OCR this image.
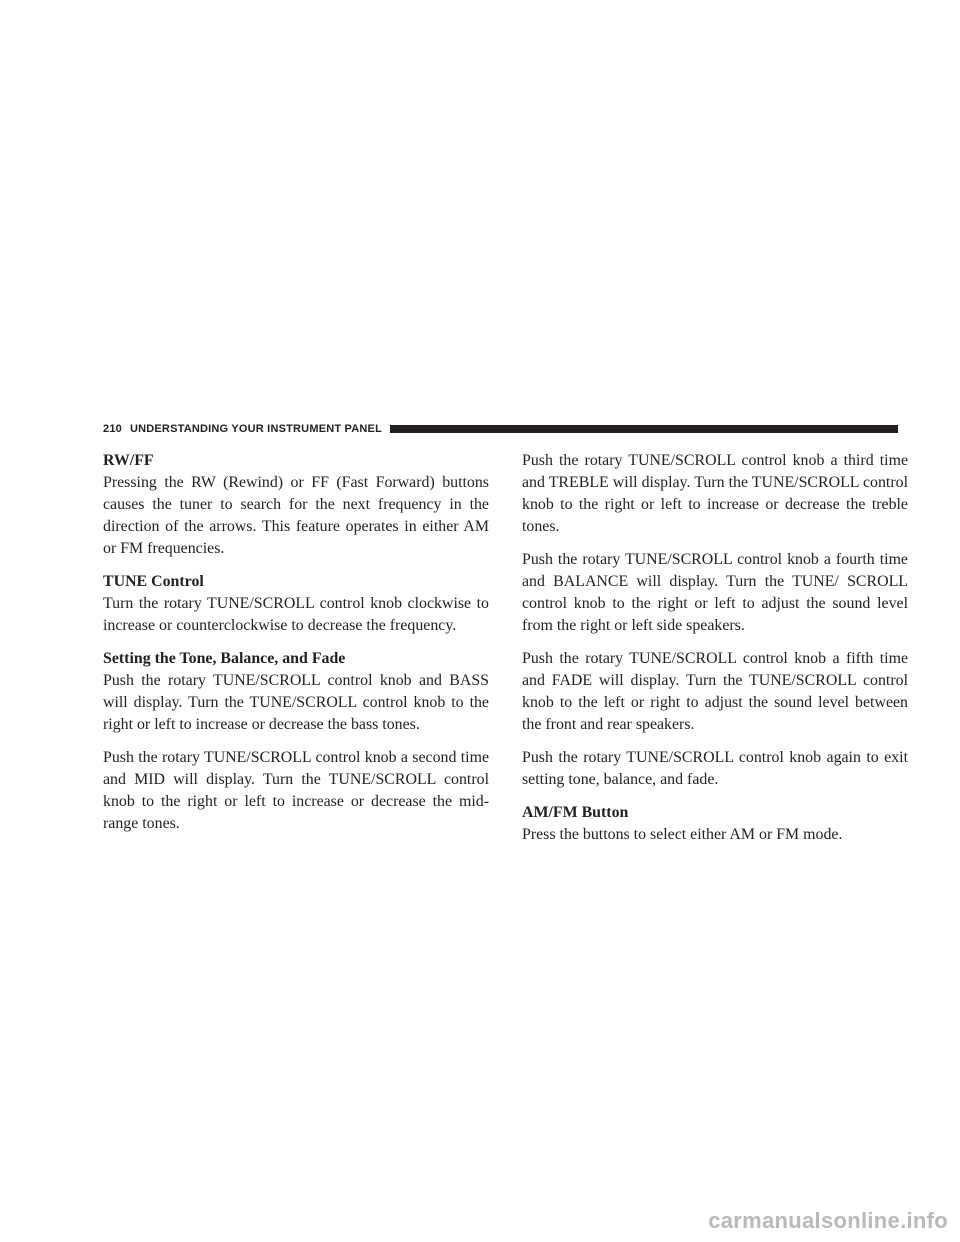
210 UNDERSTANDING YOUR INSTRUMENT PANEL
RW/FF

Pressing the RW (Rewind) or FF (Fast Forward) buttons causes the tuner to search for the next frequency in the direction of the arrows. This feature operates in either AM or FM frequencies.

TUNE Control

Turn the rotary TUNE/SCROLL control knob clockwise to increase or counterclockwise to decrease the frequency.

Setting the Tone, Balance, and Fade

Push the rotary TUNE/SCROLL control knob and BASS will display. Turn the TUNE/SCROLL control knob to the right or left to increase or decrease the bass tones.

Push the rotary TUNE/SCROLL control knob a second time and MID will display. Turn the TUNE/SCROLL control knob to the right or left to increase or decrease the mid-range tones.

Push the rotary TUNE/SCROLL control knob a third time and TREBLE will display. Turn the TUNE/SCROLL control knob to the right or left to increase or decrease the treble tones.

Push the rotary TUNE/SCROLL control knob a fourth time and BALANCE will display. Turn the TUNE/ SCROLL control knob to the right or left to adjust the sound level from the right or left side speakers.

Push the rotary TUNE/SCROLL control knob a fifth time and FADE will display. Turn the TUNE/SCROLL control knob to the left or right to adjust the sound level between the front and rear speakers.

Push the rotary TUNE/SCROLL control knob again to exit setting tone, balance, and fade.

AM/FM Button

Press the buttons to select either AM or FM mode.

carmanualsonline.info
